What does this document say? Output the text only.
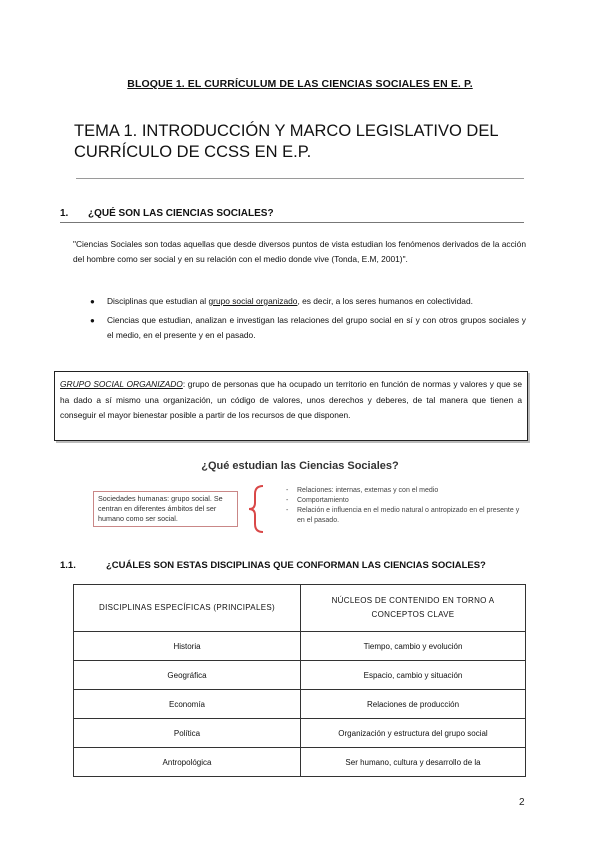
BLOQUE 1. EL CURRÍCULUM DE LAS CIENCIAS SOCIALES EN E. P.
TEMA 1. INTRODUCCIÓN Y MARCO LEGISLATIVO DEL CURRÍCULO DE CCSS EN E.P.
1. ¿QUÉ SON LAS CIENCIAS SOCIALES?
"Ciencias Sociales son todas aquellas que desde diversos puntos de vista estudian los fenómenos derivados de la acción del hombre como ser social y en su relación con el medio donde vive (Tonda, E.M, 2001)".
● Disciplinas que estudian al grupo social organizado, es decir, a los seres humanos en colectividad.
● Ciencias que estudian, analizan e investigan las relaciones del grupo social en sí y con otros grupos sociales y el medio, en el presente y en el pasado.
GRUPO SOCIAL ORGANIZADO: grupo de personas que ha ocupado un territorio en función de normas y valores y que se ha dado a sí mismo una organización, un código de valores, unos derechos y deberes, de tal manera que tienen a conseguir el mayor bienestar posible a partir de los recursos de que disponen.
¿Qué estudian las Ciencias Sociales?
Sociedades humanas: grupo social. Se centran en diferentes ámbitos del ser humano como ser social.
- Relaciones: internas, externas y con el medio
- Comportamiento
- Relación e influencia en el medio natural o antropizado en el presente y en el pasado.
1.1.	¿CUÁLES SON ESTAS DISCIPLINAS QUE CONFORMAN LAS CIENCIAS SOCIALES?
DISCIPLINAS ESPECÍFICAS (PRINCIPALES)	NÚCLEOS DE CONTENIDO EN TORNO A CONCEPTOS CLAVE
Historia	Tiempo, cambio y evolución
Geográfica	Espacio, cambio y situación
Economía	Relaciones de producción
Política	Organización y estructura del grupo social
Antropológica	Ser humano, cultura y desarrollo de la
2
